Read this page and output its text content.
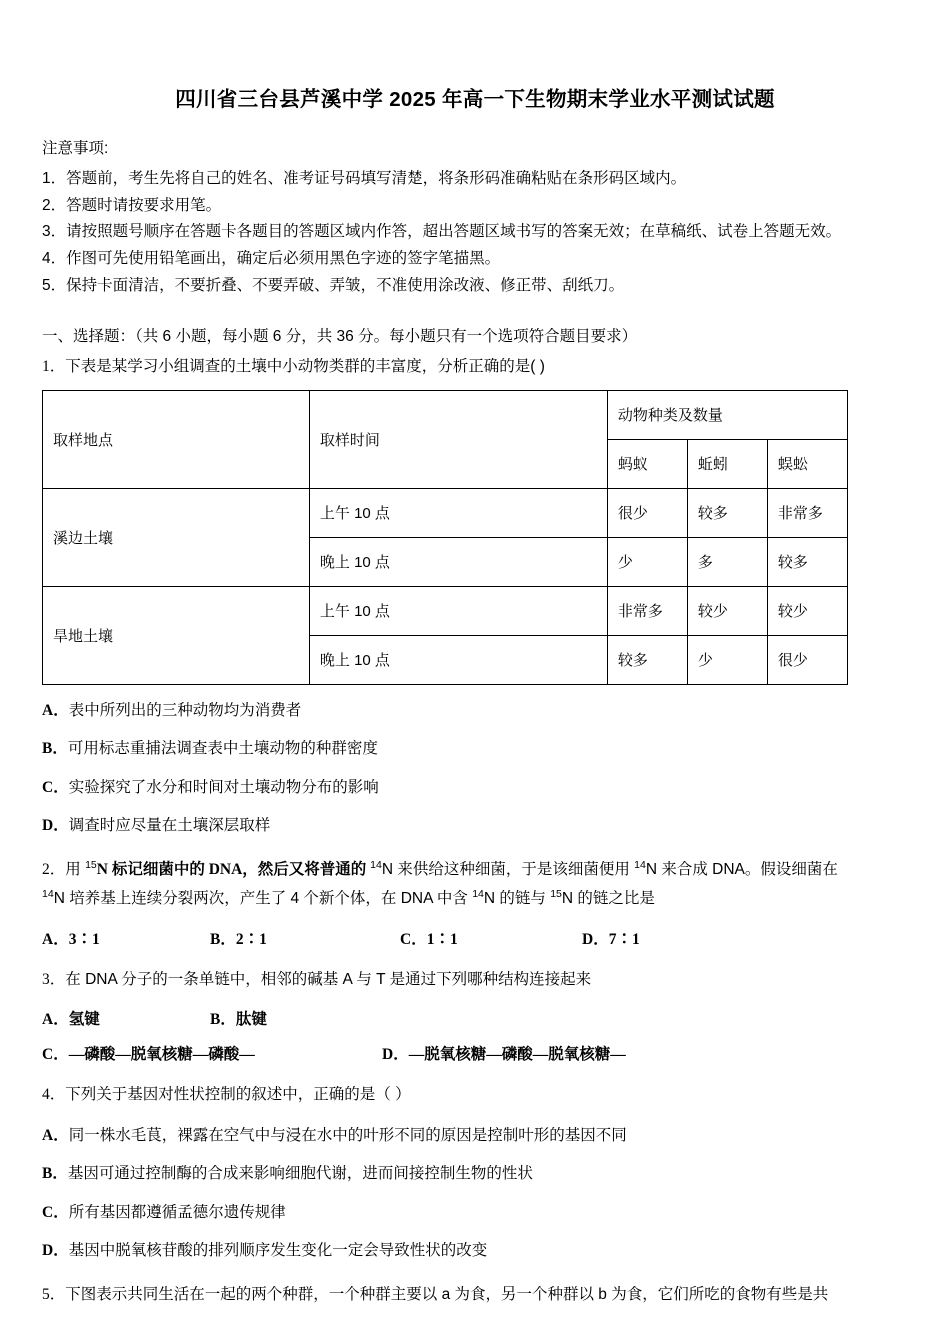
四川省三台县芦溪中学 2025 年高一下生物期末学业水平测试试题
注意事项:
1．答题前，考生先将自己的姓名、准考证号码填写清楚，将条形码准确粘贴在条形码区域内。
2．答题时请按要求用笔。
3．请按照题号顺序在答题卡各题目的答题区域内作答，超出答题区域书写的答案无效；在草稿纸、试卷上答题无效。
4．作图可先使用铅笔画出，确定后必须用黑色字迹的签字笔描黑。
5．保持卡面清洁，不要折叠、不要弄破、弄皱，不准使用涂改液、修正带、刮纸刀。
一、选择题：（共 6 小题，每小题 6 分，共 36 分。每小题只有一个选项符合题目要求）
1．下表是某学习小组调查的土壤中小动物类群的丰富度，分析正确的是( )
取样地点	取样时间	动物种类及数量		
		蚂蚁	蚯蚓	蜈蚣
溪边土壤	上午 10 点	很少	较多	非常多
	晚上 10 点	少	多	较多
旱地土壤	上午 10 点	非常多	较少	较少
	晚上 10 点	较多	少	很少
A．表中所列出的三种动物均为消费者
B．可用标志重捕法调查表中土壤动物的种群密度
C．实验探究了水分和时间对土壤动物分布的影响
D．调查时应尽量在土壤深层取样

2．用 $^{15}$N 标记细菌中的 DNA，然后又将普通的 $^{14}$N 来供给这种细菌，于是该细菌便用 $^{14}$N 来合成 DNA。假设细菌在

$^{14}$N 培养基上连续分裂两次，产生了 4 个新个体，在 DNA 中含 $^{14}$N 的链与 $^{15}$N 的链之比是

A．3∶1	B．2∶1	C．1∶1	D．7∶1

3．在 DNA 分子的一条单链中，相邻的碱基 A 与 T 是通过下列哪种结构连接起来

A．氢键	B．肽键
C．—磷酸—脱氧核糖—磷酸—	D．—脱氧核糖—磷酸—脱氧核糖—

4．下列关于基因对性状控制的叙述中，正确的是（ ）

A．同一株水毛茛，裸露在空气中与浸在水中的叶形不同的原因是控制叶形的基因不同
B．基因可通过控制酶的合成来影响细胞代谢，进而间接控制生物的性状
C．所有基因都遵循孟德尔遗传规律
D．基因中脱氧核苷酸的排列顺序发生变化一定会导致性状的改变

5．下图表示共同生活在一起的两个种群，一个种群主要以 a 为食，另一个种群以 b 为食，它们所吃的食物有些是共
